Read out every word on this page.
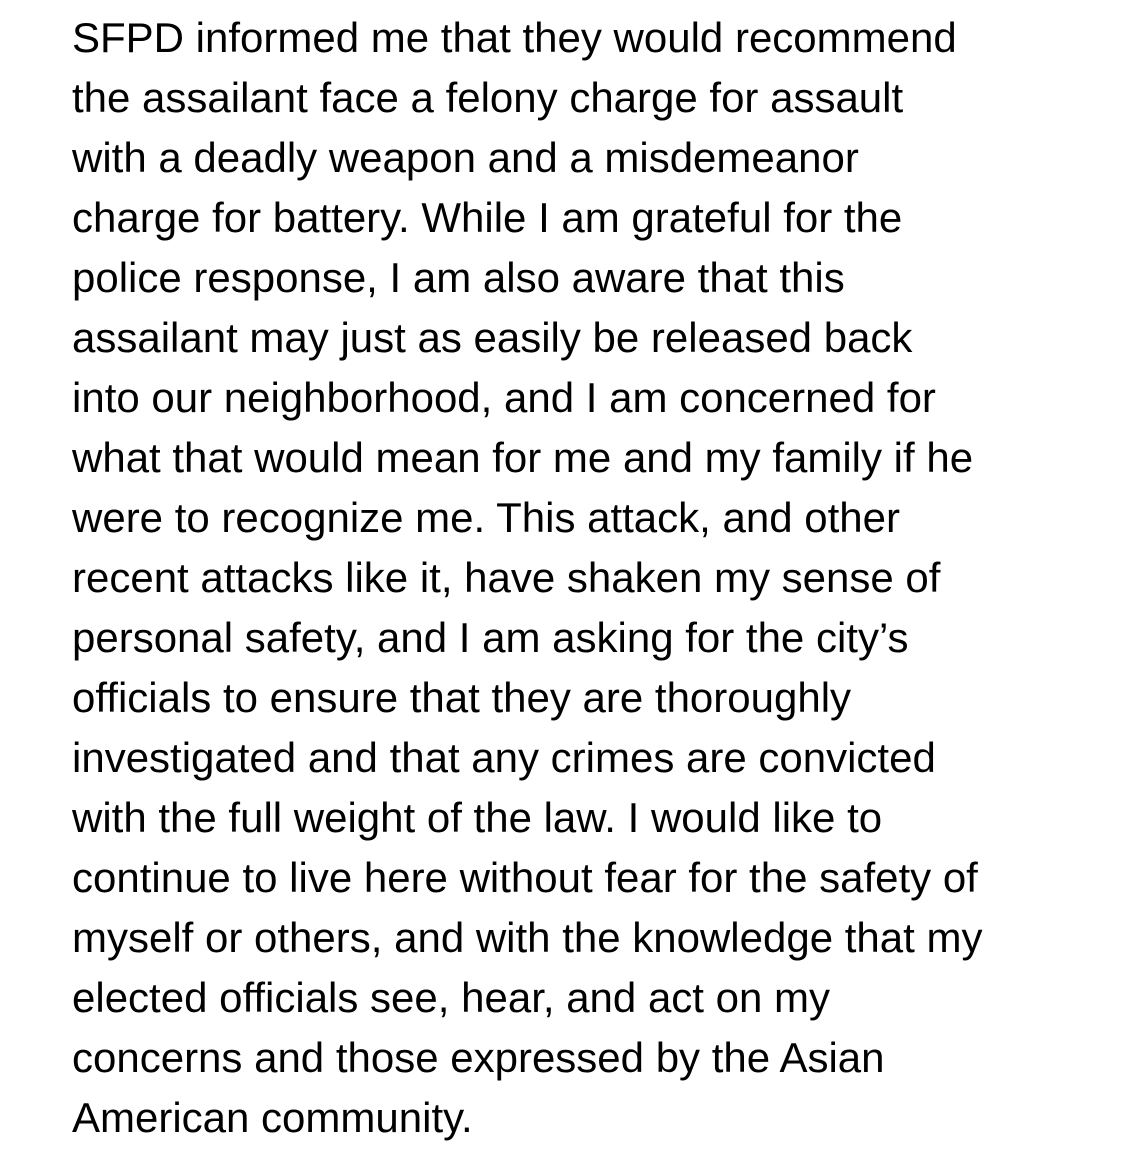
SFPD informed me that they would recommend
the assailant face a felony charge for assault
with a deadly weapon and a misdemeanor
charge for battery. While I am grateful for the
police response, I am also aware that this
assailant may just as easily be released back
into our neighborhood, and I am concerned for
what that would mean for me and my family if he
were to recognize me. This attack, and other
recent attacks like it, have shaken my sense of
personal safety, and I am asking for the city’s
officials to ensure that they are thoroughly
investigated and that any crimes are convicted
with the full weight of the law. I would like to
continue to live here without fear for the safety of
myself or others, and with the knowledge that my
elected officials see, hear, and act on my
concerns and those expressed by the Asian
American community.
